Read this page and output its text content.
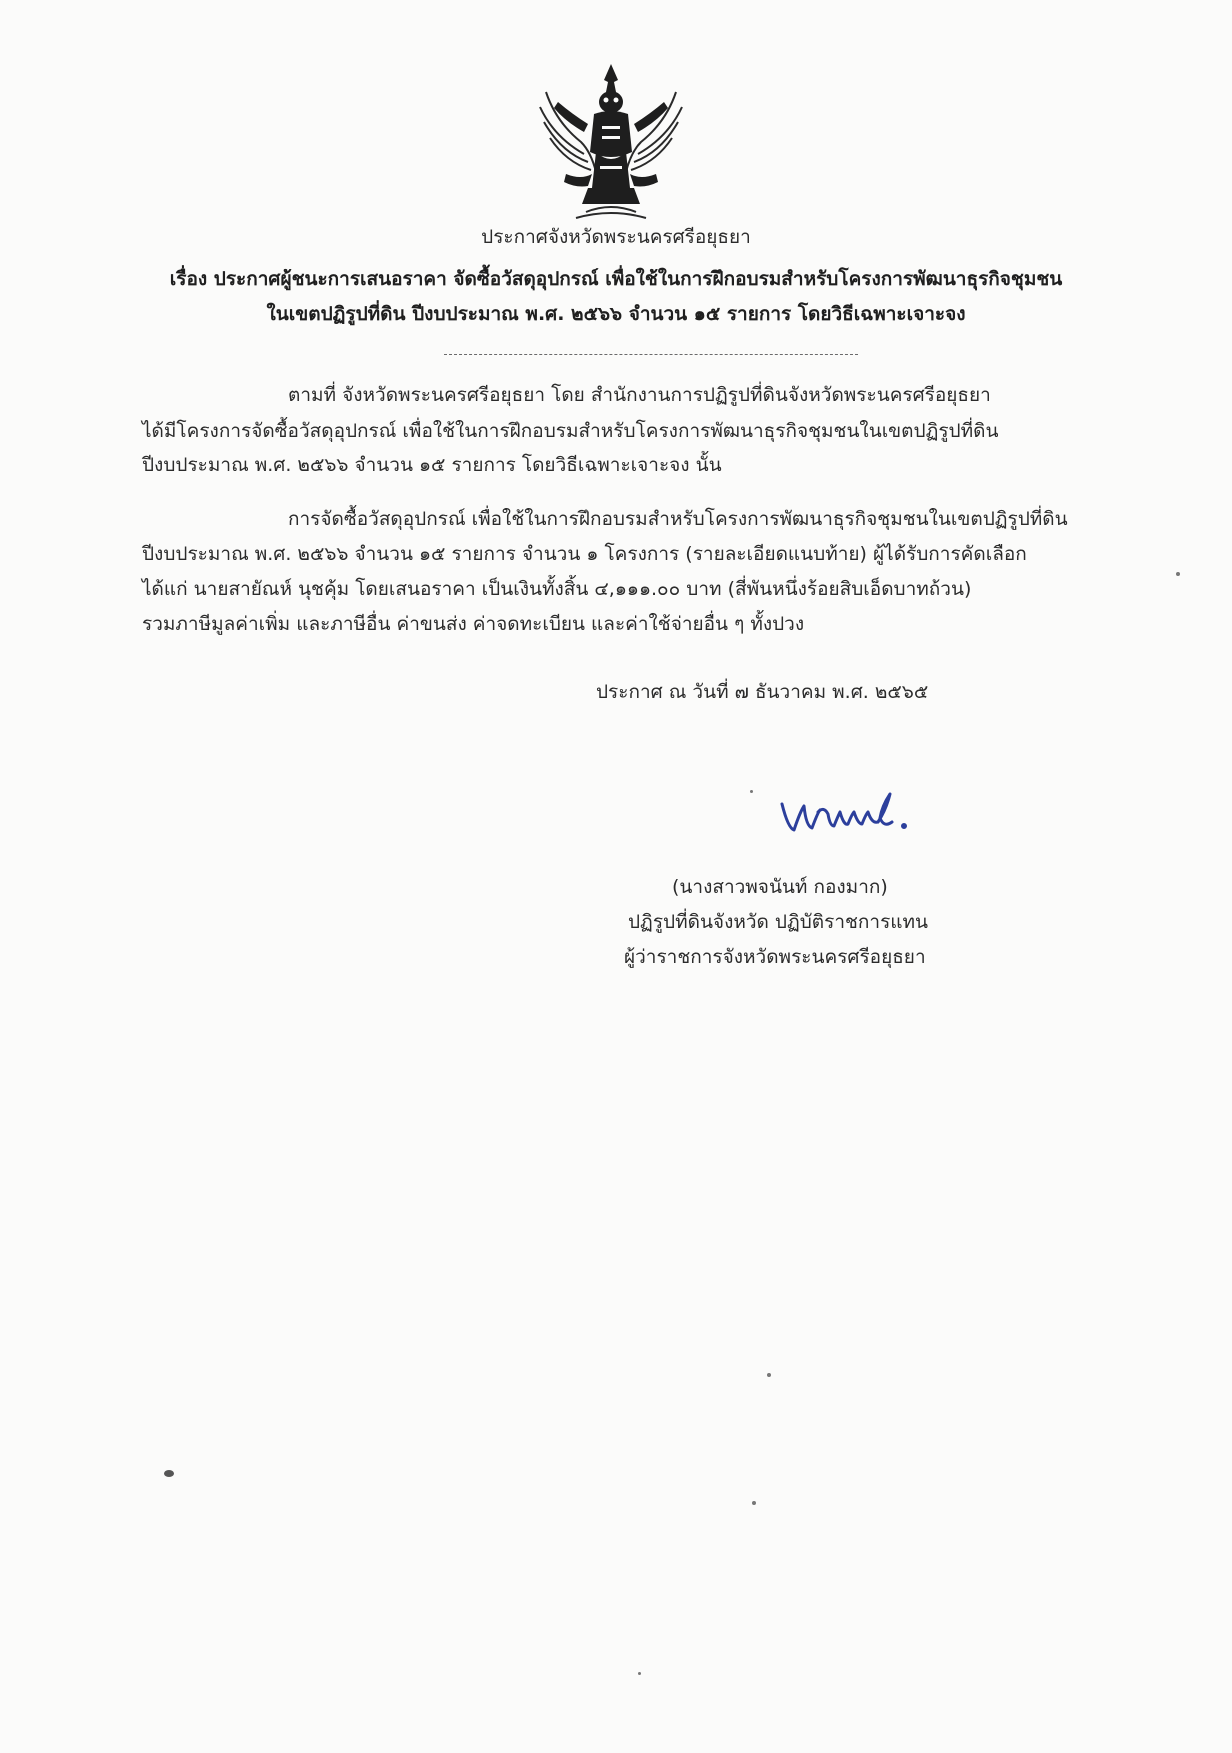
ประกาศจังหวัดพระนครศรีอยุธยา
เรื่อง ประกาศผู้ชนะการเสนอราคา จัดซื้อวัสดุอุปกรณ์ เพื่อใช้ในการฝึกอบรมสำหรับโครงการพัฒนาธุรกิจชุมชน
ในเขตปฏิรูปที่ดิน ปีงบประมาณ พ.ศ. ๒๕๖๖ จำนวน ๑๕ รายการ โดยวิธีเฉพาะเจาะจง
ตามที่ จังหวัดพระนครศรีอยุธยา โดย สำนักงานการปฏิรูปที่ดินจังหวัดพระนครศรีอยุธยา
ได้มีโครงการจัดซื้อวัสดุอุปกรณ์ เพื่อใช้ในการฝึกอบรมสำหรับโครงการพัฒนาธุรกิจชุมชนในเขตปฏิรูปที่ดิน
ปีงบประมาณ พ.ศ. ๒๕๖๖ จำนวน ๑๕ รายการ โดยวิธีเฉพาะเจาะจง นั้น
การจัดซื้อวัสดุอุปกรณ์ เพื่อใช้ในการฝึกอบรมสำหรับโครงการพัฒนาธุรกิจชุมชนในเขตปฏิรูปที่ดิน
ปีงบประมาณ พ.ศ. ๒๕๖๖ จำนวน ๑๕ รายการ จำนวน ๑ โครงการ (รายละเอียดแนบท้าย) ผู้ได้รับการคัดเลือก
ได้แก่ นายสายัณห์ นุชคุ้ม โดยเสนอราคา เป็นเงินทั้งสิ้น ๔,๑๑๑.๐๐ บาท (สี่พันหนึ่งร้อยสิบเอ็ดบาทถ้วน)
รวมภาษีมูลค่าเพิ่ม และภาษีอื่น ค่าขนส่ง ค่าจดทะเบียน และค่าใช้จ่ายอื่น ๆ ทั้งปวง
ประกาศ ณ วันที่ ๗ ธันวาคม พ.ศ. ๒๕๖๕
(นางสาวพจนันท์ กองมาก)
ปฏิรูปที่ดินจังหวัด ปฏิบัติราชการแทน
ผู้ว่าราชการจังหวัดพระนครศรีอยุธยา
